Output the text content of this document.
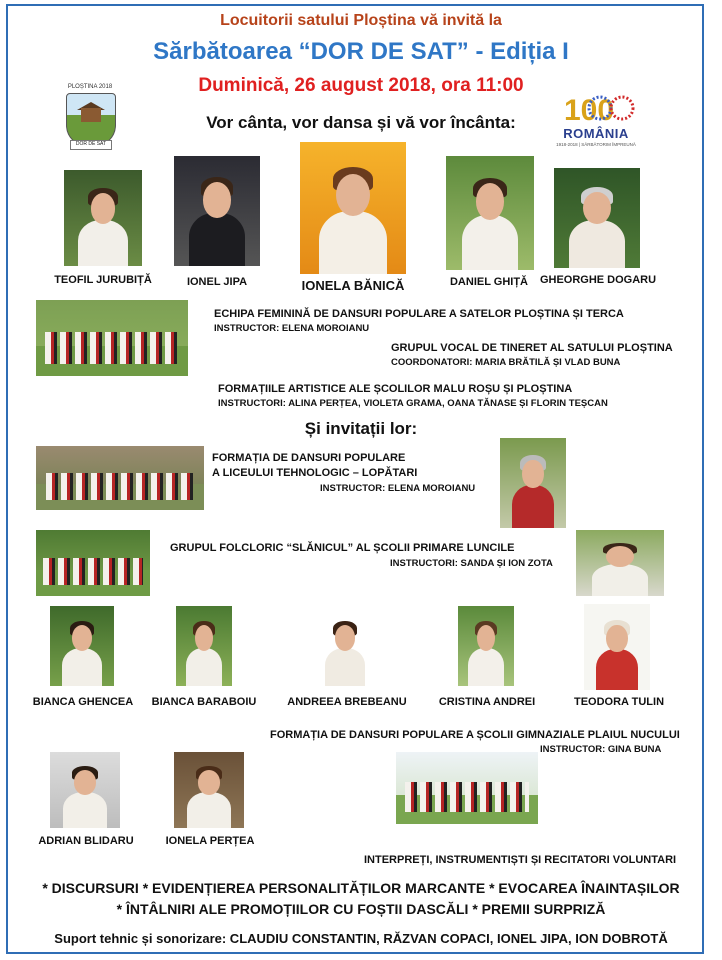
Locuitorii satului Ploștina vă invită la
Sărbătoarea “DOR DE SAT” - Ediția I
Duminică, 26 august 2018, ora 11:00
Vor cânta, vor dansa și vă vor încânta:
PLOȘTINA 2018
DOR DE SAT
100
ROMÂNIA
1918-2018 | SĂRBĂTORIM ÎMPREUNĂ
TEOFIL JURUBIȚĂ	IONEL JIPA	IONELA BĂNICĂ	DANIEL GHIȚĂ	GHEORGHE DOGARU
ECHIPA FEMININĂ DE DANSURI POPULARE A SATELOR PLOȘTINA ȘI TERCA
INSTRUCTOR: ELENA MOROIANU
GRUPUL VOCAL DE TINERET AL SATULUI PLOȘTINA
COORDONATORI: MARIA BRĂTILĂ ȘI VLAD BUNA
FORMAȚIILE ARTISTICE ALE ȘCOLILOR MALU ROȘU ȘI PLOȘTINA
INSTRUCTORI: ALINA PERȚEA, VIOLETA GRAMA, OANA TĂNASE ȘI FLORIN TEȘCAN
Și invitații lor:
FORMAȚIA DE DANSURI POPULARE
A LICEULUI TEHNOLOGIC – LOPĂTARI
INSTRUCTOR: ELENA MOROIANU
GRUPUL FOLCLORIC “SLĂNICUL” AL ȘCOLII PRIMARE LUNCILE
INSTRUCTORI: SANDA ȘI ION ZOTA
BIANCA GHENCEA	BIANCA BARABOIU	ANDREEA BREBEANU	CRISTINA ANDREI	TEODORA TULIN
FORMAȚIA DE DANSURI POPULARE A ȘCOLII GIMNAZIALE PLAIUL NUCULUI
INSTRUCTOR: GINA BUNA
ADRIAN BLIDARU	IONELA PERȚEA
INTERPREȚI, INSTRUMENTIȘTI ȘI RECITATORI VOLUNTARI
* DISCURSURI * EVIDENȚIEREA PERSONALITĂȚILOR MARCANTE * EVOCAREA ÎNAINTAȘILOR
* ÎNTÂLNIRI ALE PROMOȚIILOR CU FOȘTII DASCĂLI * PREMII SURPRIZĂ
Suport tehnic și sonorizare: CLAUDIU CONSTANTIN, RĂZVAN COPACI, IONEL JIPA, ION DOBROTĂ
